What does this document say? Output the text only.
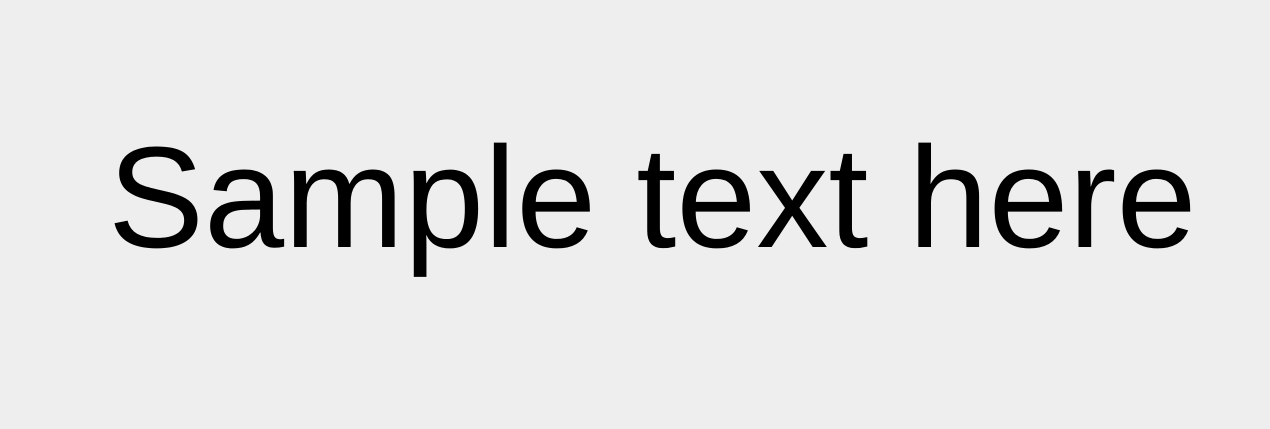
Sample text here
